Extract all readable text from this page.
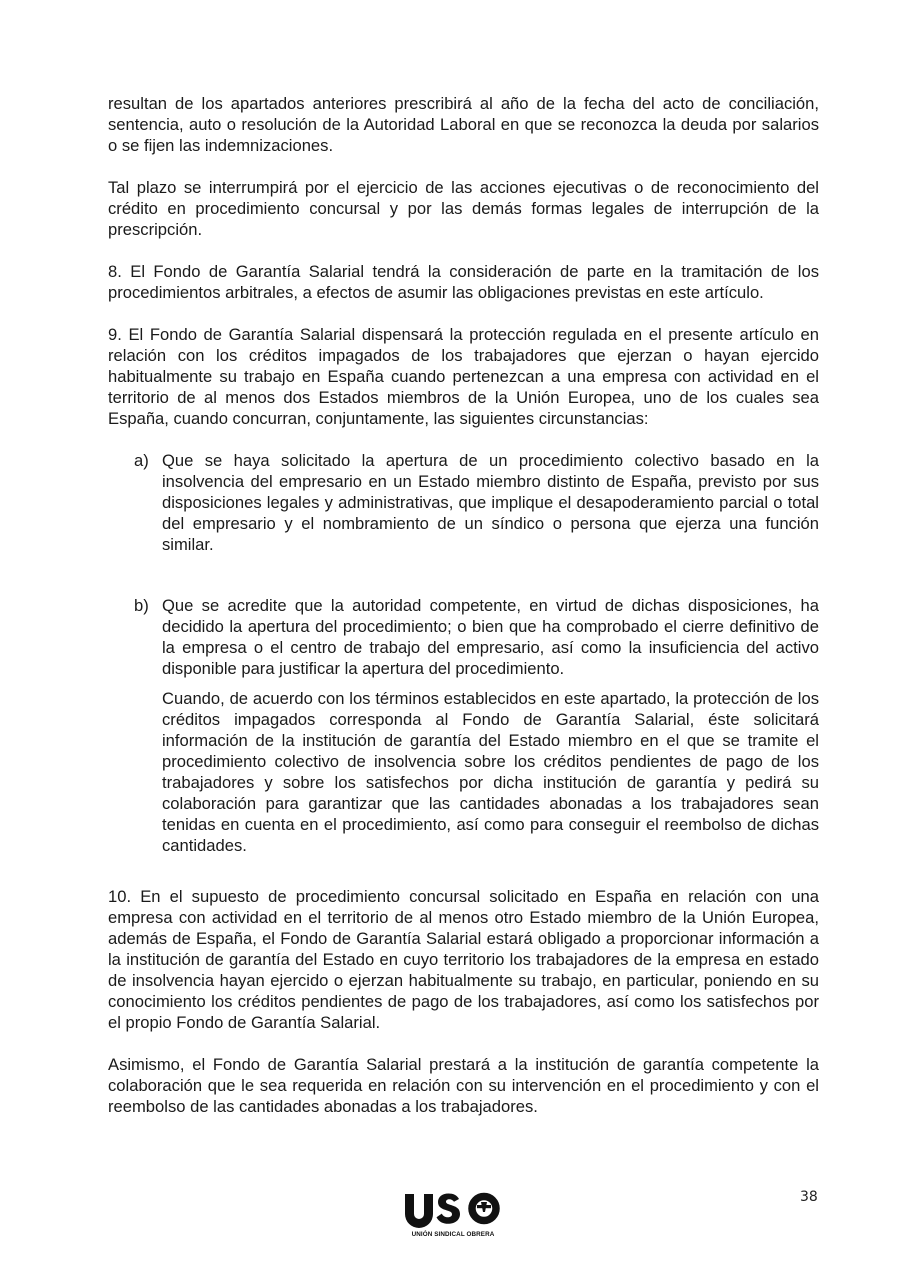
resultan de los apartados anteriores prescribirá al año de la fecha del acto de conciliación, sentencia, auto o resolución de la Autoridad Laboral en que se reconozca la deuda por salarios o se fijen las indemnizaciones.

Tal plazo se interrumpirá por el ejercicio de las acciones ejecutivas o de reconocimiento del crédito en procedimiento concursal y por las demás formas legales de interrupción de la prescripción.

8. El Fondo de Garantía Salarial tendrá la consideración de parte en la tramitación de los procedimientos arbitrales, a efectos de asumir las obligaciones previstas en este artículo.

9. El Fondo de Garantía Salarial dispensará la protección regulada en el presente artículo en relación con los créditos impagados de los trabajadores que ejerzan o hayan ejercido habitualmente su trabajo en España cuando pertenezcan a una empresa con actividad en el territorio de al menos dos Estados miembros de la Unión Europea, uno de los cuales sea España, cuando concurran, conjuntamente, las siguientes circunstancias:

a) Que se haya solicitado la apertura de un procedimiento colectivo basado en la insolvencia del empresario en un Estado miembro distinto de España, previsto por sus disposiciones legales y administrativas, que implique el desapoderamiento parcial o total del empresario y el nombramiento de un síndico o persona que ejerza una función similar.

b) Que se acredite que la autoridad competente, en virtud de dichas disposiciones, ha decidido la apertura del procedimiento; o bien que ha comprobado el cierre definitivo de la empresa o el centro de trabajo del empresario, así como la insuficiencia del activo disponible para justificar la apertura del procedimiento.

Cuando, de acuerdo con los términos establecidos en este apartado, la protección de los créditos impagados corresponda al Fondo de Garantía Salarial, éste solicitará información de la institución de garantía del Estado miembro en el que se tramite el procedimiento colectivo de insolvencia sobre los créditos pendientes de pago de los trabajadores y sobre los satisfechos por dicha institución de garantía y pedirá su colaboración para garantizar que las cantidades abonadas a los trabajadores sean tenidas en cuenta en el procedimiento, así como para conseguir el reembolso de dichas cantidades.

10. En el supuesto de procedimiento concursal solicitado en España en relación con una empresa con actividad en el territorio de al menos otro Estado miembro de la Unión Europea, además de España, el Fondo de Garantía Salarial estará obligado a proporcionar información a la institución de garantía del Estado en cuyo territorio los trabajadores de la empresa en estado de insolvencia hayan ejercido o ejerzan habitualmente su trabajo, en particular, poniendo en su conocimiento los créditos pendientes de pago de los trabajadores, así como los satisfechos por el propio Fondo de Garantía Salarial.

Asimismo, el Fondo de Garantía Salarial prestará a la institución de garantía competente la colaboración que le sea requerida en relación con su intervención en el procedimiento y con el reembolso de las cantidades abonadas a los trabajadores.

UNIÓN SINDICAL OBRERA
38
